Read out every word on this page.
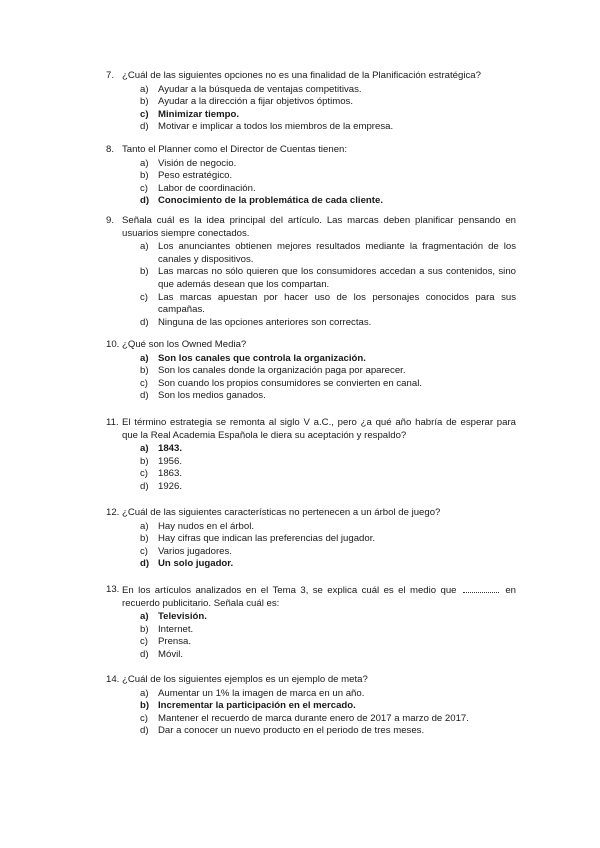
7. ¿Cuál de las siguientes opciones no es una finalidad de la Planificación estratégica?
a) Ayudar a la búsqueda de ventajas competitivas.
b) Ayudar a la dirección a fijar objetivos óptimos.
c) Minimizar tiempo.
d) Motivar e implicar a todos los miembros de la empresa.
8. Tanto el Planner como el Director de Cuentas tienen:
a) Visión de negocio.
b) Peso estratégico.
c) Labor de coordinación.
d) Conocimiento de la problemática de cada cliente.
9. Señala cuál es la idea principal del artículo. Las marcas deben planificar pensando en usuarios siempre conectados.
a) Los anunciantes obtienen mejores resultados mediante la fragmentación de los canales y dispositivos.
b) Las marcas no sólo quieren que los consumidores accedan a sus contenidos, sino que además desean que los compartan.
c) Las marcas apuestan por hacer uso de los personajes conocidos para sus campañas.
d) Ninguna de las opciones anteriores son correctas.
10. ¿Qué son los Owned Media?
a) Son los canales que controla la organización.
b) Son los canales donde la organización paga por aparecer.
c) Son cuando los propios consumidores se convierten en canal.
d) Son los medios ganados.
11. El término estrategia se remonta al siglo V a.C., pero ¿a qué año habría de esperar para que la Real Academia Española le diera su aceptación y respaldo?
a) 1843.
b) 1956.
c) 1863.
d) 1926.
12. ¿Cuál de las siguientes características no pertenecen a un árbol de juego?
a) Hay nudos en el árbol.
b) Hay cifras que indican las preferencias del jugador.
c) Varios jugadores.
d) Un solo jugador.
13. En los artículos analizados en el Tema 3, se explica cuál es el medio que	en recuerdo publicitario. Señala cuál es:
a) Televisión.
b) Internet.
c) Prensa.
d) Móvil.
14. ¿Cuál de los siguientes ejemplos es un ejemplo de meta?
a) Aumentar un 1% la imagen de marca en un año.
b) Incrementar la participación en el mercado.
c) Mantener el recuerdo de marca durante enero de 2017 a marzo de 2017.
d) Dar a conocer un nuevo producto en el periodo de tres meses.
